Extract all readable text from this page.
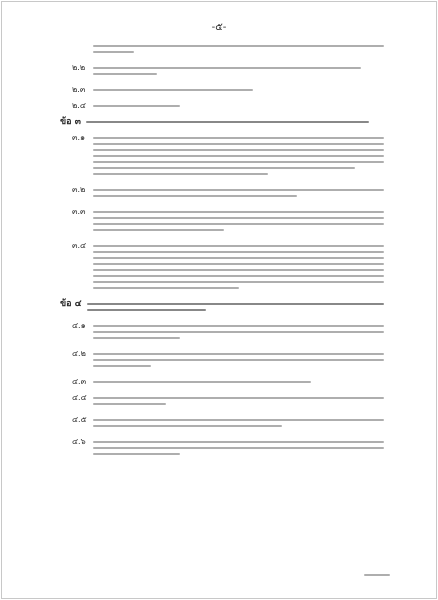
-๕-
๒.๒
๒.๓
๒.๔
ข้อ ๓
๓.๑
๓.๒
๓.๓
๓.๔
ข้อ ๔
๔.๑
๔.๒
๔.๓
๔.๔
๔.๕
๔.๖
